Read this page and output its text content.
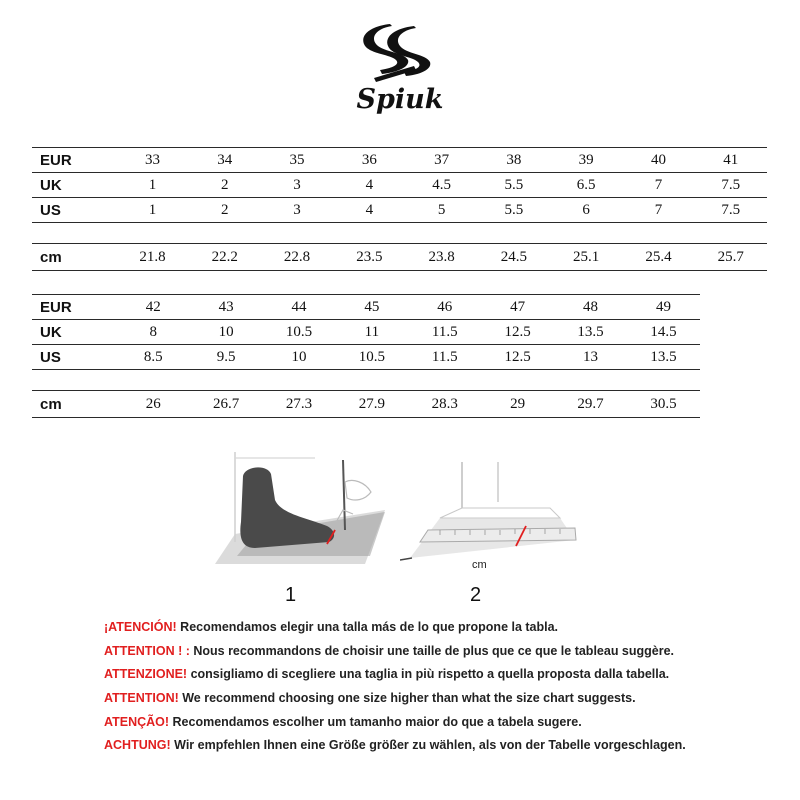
Spiuk
EUR	33	34	35	36	37	38	39	40	41
UK	1	2	3	4	4.5	5.5	6.5	7	7.5
US	1	2	3	4	5	5.5	6	7	7.5

cm	21.8	22.2	22.8	23.5	23.8	24.5	25.1	25.4	25.7
EUR	42	43	44	45	46	47	48	49
UK	8	10	10.5	11	11.5	12.5	13.5	14.5
US	8.5	9.5	10	10.5	11.5	12.5	13	13.5

cm	26	26.7	27.3	27.9	28.3	29	29.7	30.5
cm
1	2
¡ATENCIÓN! Recomendamos elegir una talla más de lo que propone la tabla.
ATTENTION ! : Nous recommandons de choisir une taille de plus que ce que le tableau suggère.
ATTENZIONE! consigliamo di scegliere una taglia in più rispetto a quella proposta dalla tabella.
ATTENTION! We recommend choosing one size higher than what the size chart suggests.
ATENÇÃO! Recomendamos escolher um tamanho maior do que a tabela sugere.
ACHTUNG! Wir empfehlen Ihnen eine Größe größer zu wählen, als von der Tabelle vorgeschlagen.
